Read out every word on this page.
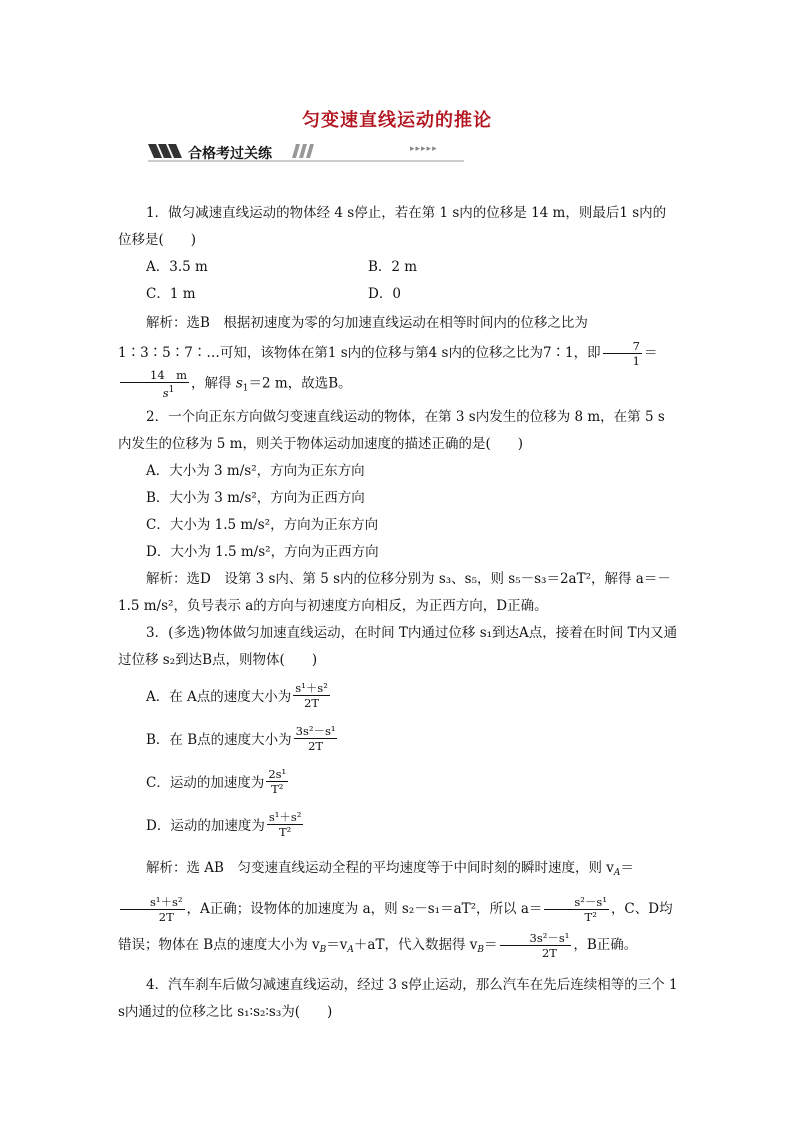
匀变速直线运动的推论
合格考过关练	▸▸▸▸▸

1．做匀减速直线运动的物体经 4 s停止，若在第 1 s内的位移是 14 m，则最后1 s内的位移是(　　)

A．3.5 m	B．2 m
C．1 m	D．0

解析：选B　根据初速度为零的匀加速直线运动在相等时间内的位移之比为 1∶3∶5∶7∶…可知，该物体在第1 s内的位移与第4 s内的位移之比为7∶1，即 $\frac{7}{1}$ ＝
$\frac{14 m}{s^1}$ ，解得 $s_1=2$ m，故选B。

2．一个向正东方向做匀变速直线运动的物体，在第 3 s内发生的位移为 8 m，在第 5 s内发生的位移为 5 m，则关于物体运动加速度的描述正确的是(　　)

A．大小为 3 m/s²，方向为正东方向
B．大小为 3 m/s²，方向为正西方向
C．大小为 1.5 m/s²，方向为正东方向
D．大小为 1.5 m/s²，方向为正西方向

解析：选D　设第 3 s内、第 5 s内的位移分别为 s₃、s₅，则 s₅－s₃＝2aT²，解得 a＝－1.5 m/s²，负号表示 a的方向与初速度方向相反，为正西方向，D正确。

3．(多选)物体做匀加速直线运动，在时间 T内通过位移 s₁到达A点，接着在时间 T内又通过位移 s₂到达B点，则物体(　　)

A．在 A点的速度大小为 $\frac{\text{s¹＋s²}}{2T}$
B．在 B点的速度大小为 $\frac{\text{3s²－s¹}}{2T}$
C．运动的加速度为 $\frac{\text{2s¹}}{\text{T²}}$
D．运动的加速度为 $\frac{\text{s¹＋s²}}{\text{T²}}$

解析：选 AB　匀变速直线运动全程的平均速度等于中间时刻的瞬时速度，则 $v_A=$
$\frac{\text{s¹＋s²}}{2T}$ ，A正确；设物体的加速度为 a，则 s₂－s₁＝aT²，所以 $a= \frac{\text{s²－s¹}}{\text{T²}}$ ，C、D均错误；物体在 B点的速度大小为 $v_B=v_A+aT$，代入数据得 $v_B= \frac{\text{3s²－s¹}}{2T}$ ，B正确。

4．汽车刹车后做匀减速直线运动，经过 3 s停止运动，那么汽车在先后连续相等的三个 1 s内通过的位移之比 s₁∶s₂∶s₃为(　　)
